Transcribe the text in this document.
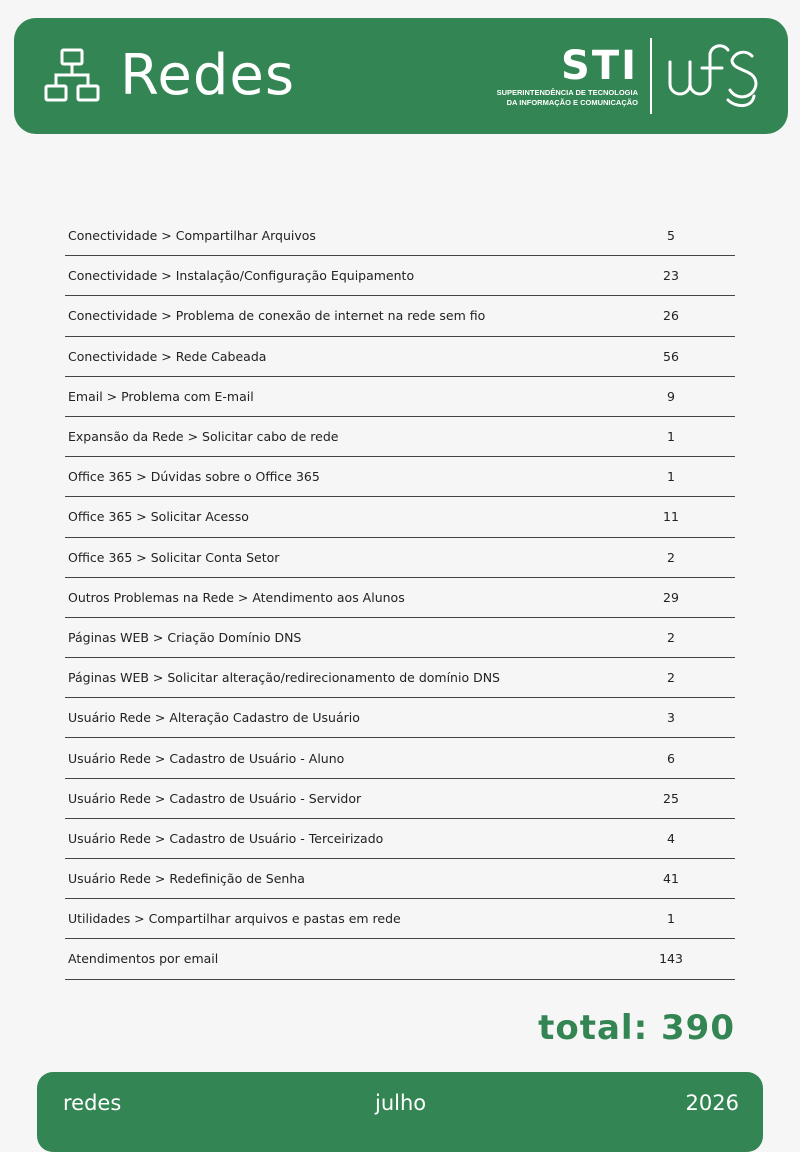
Redes	STI
SUPERINTENDÊNCIA DE TECNOLOGIA
DA INFORMAÇÃO E COMUNICAÇÃO
Conectividade > Compartilhar Arquivos	5
Conectividade > Instalação/Configuração Equipamento	23
Conectividade > Problema de conexão de internet na rede sem fio	26
Conectividade > Rede Cabeada	56
Email > Problema com E-mail	9
Expansão da Rede > Solicitar cabo de rede	1
Office 365 > Dúvidas sobre o Office 365	1
Office 365 > Solicitar Acesso	11
Office 365 > Solicitar Conta Setor	2
Outros Problemas na Rede > Atendimento aos Alunos	29
Páginas WEB > Criação Domínio DNS	2
Páginas WEB > Solicitar alteração/redirecionamento de domínio DNS	2
Usuário Rede > Alteração Cadastro de Usuário	3
Usuário Rede > Cadastro de Usuário - Aluno	6
Usuário Rede > Cadastro de Usuário - Servidor	25
Usuário Rede > Cadastro de Usuário - Terceirizado	4
Usuário Rede > Redefinição de Senha	41
Utilidades > Compartilhar arquivos e pastas em rede	1
Atendimentos por email	143
total: 390
redes	julho	2026
